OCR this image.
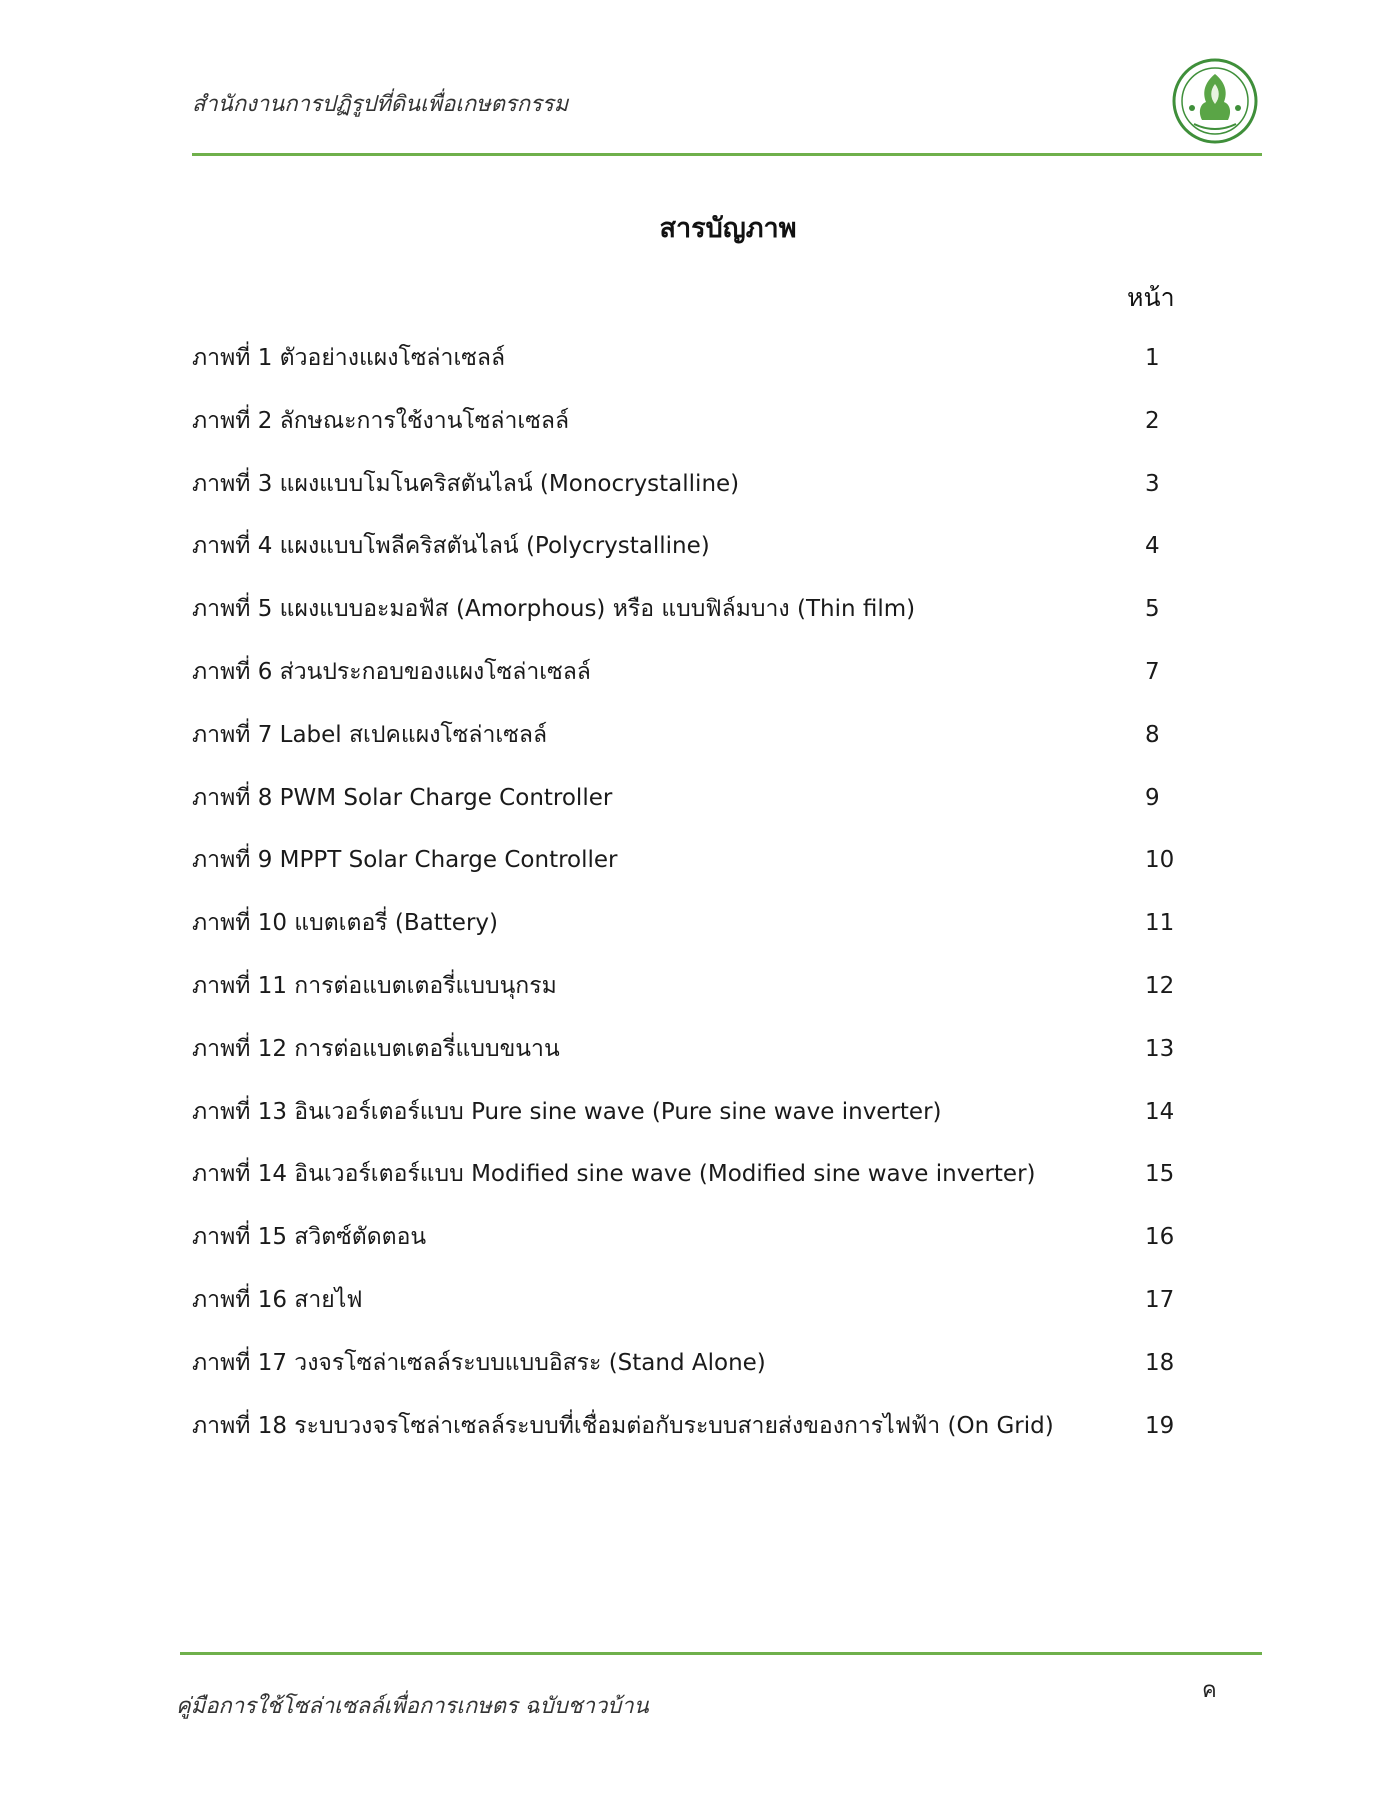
สำนักงานการปฏิรูปที่ดินเพื่อเกษตรกรรม
สารบัญภาพ
หน้า
ภาพที่ 1 ตัวอย่างแผงโซล่าเซลล์	1
ภาพที่ 2 ลักษณะการใช้งานโซล่าเซลล์	2
ภาพที่ 3 แผงแบบโมโนคริสตันไลน์ (Monocrystalline)	3
ภาพที่ 4 แผงแบบโพลีคริสตันไลน์ (Polycrystalline)	4
ภาพที่ 5 แผงแบบอะมอฟัส (Amorphous) หรือ แบบฟิล์มบาง (Thin film)	5
ภาพที่ 6 ส่วนประกอบของแผงโซล่าเซลล์	7
ภาพที่ 7 Label สเปคแผงโซล่าเซลล์	8
ภาพที่ 8 PWM Solar Charge Controller	9
ภาพที่ 9 MPPT Solar Charge Controller	10
ภาพที่ 10 แบตเตอรี่ (Battery)	11
ภาพที่ 11 การต่อแบตเตอรี่แบบนุกรม	12
ภาพที่ 12 การต่อแบตเตอรี่แบบขนาน	13
ภาพที่ 13 อินเวอร์เตอร์แบบ Pure sine wave (Pure sine wave inverter)	14
ภาพที่ 14 อินเวอร์เตอร์แบบ Modified sine wave (Modified sine wave inverter)	15
ภาพที่ 15 สวิตซ์ตัดตอน	16
ภาพที่ 16 สายไฟ	17
ภาพที่ 17 วงจรโซล่าเซลล์ระบบแบบอิสระ (Stand Alone)	18
ภาพที่ 18 ระบบวงจรโซล่าเซลล์ระบบที่เชื่อมต่อกับระบบสายส่งของการไฟฟ้า (On Grid)	19
คู่มือการใช้โซล่าเซลล์เพื่อการเกษตร ฉบับชาวบ้าน
ค
